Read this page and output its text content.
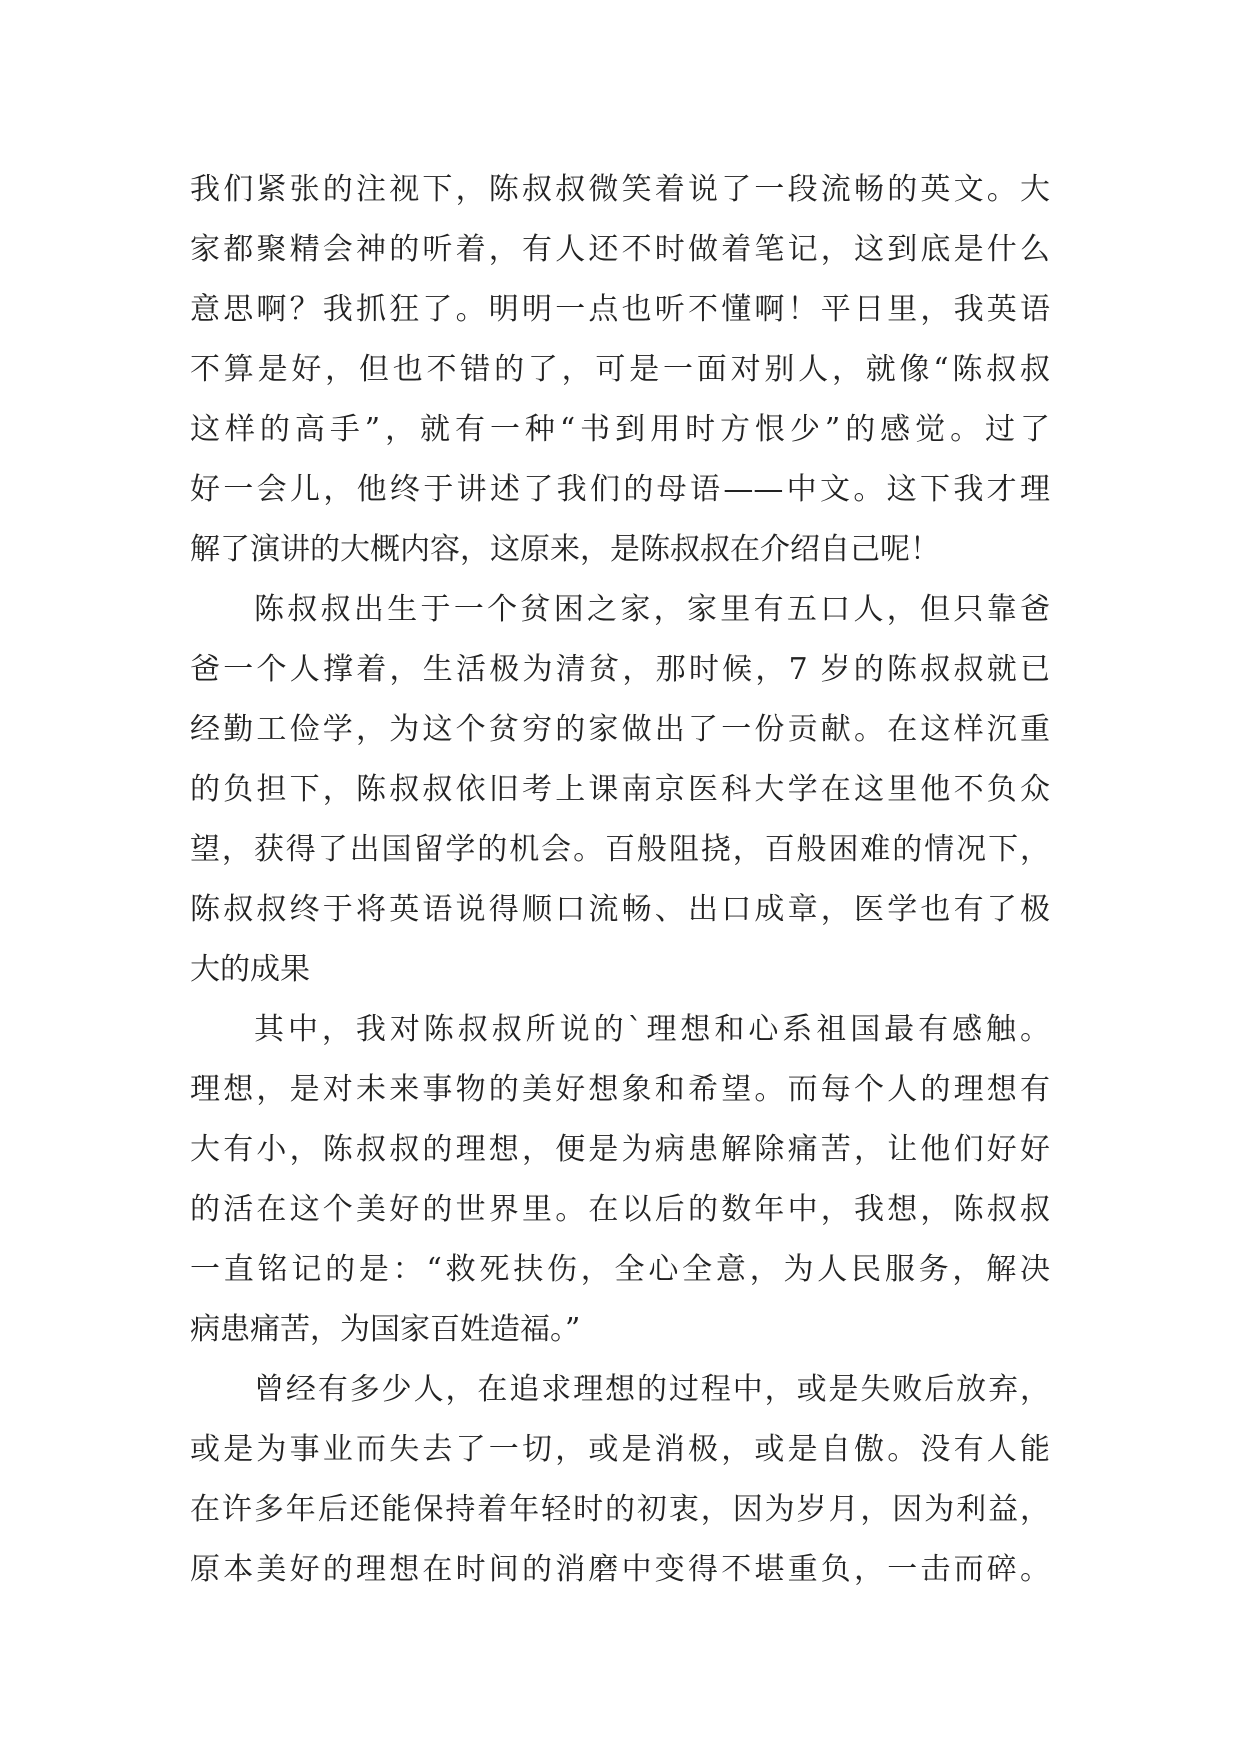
我们紧张的注视下，陈叔叔微笑着说了一段流畅的英文。大
家都聚精会神的听着，有人还不时做着笔记，这到底是什么
意思啊？我抓狂了。明明一点也听不懂啊！平日里，我英语
不算是好，但也不错的了，可是一面对别人，就像“陈叔叔
这样的高手”，就有一种“书到用时方恨少”的感觉。过了
好一会儿，他终于讲述了我们的母语——中文。这下我才理
解了演讲的大概内容，这原来，是陈叔叔在介绍自己呢！
陈叔叔出生于一个贫困之家，家里有五口人，但只靠爸
爸一个人撑着，生活极为清贫，那时候，7 岁的陈叔叔就已
经勤工俭学，为这个贫穷的家做出了一份贡献。在这样沉重
的负担下，陈叔叔依旧考上课南京医科大学在这里他不负众
望，获得了出国留学的机会。百般阻挠，百般困难的情况下，
陈叔叔终于将英语说得顺口流畅、出口成章，医学也有了极
大的成果
其中，我对陈叔叔所说的`理想和心系祖国最有感触。
理想，是对未来事物的美好想象和希望。而每个人的理想有
大有小，陈叔叔的理想，便是为病患解除痛苦，让他们好好
的活在这个美好的世界里。在以后的数年中，我想，陈叔叔
一直铭记的是：“救死扶伤，全心全意，为人民服务，解决
病患痛苦，为国家百姓造福。”
曾经有多少人，在追求理想的过程中，或是失败后放弃，
或是为事业而失去了一切，或是消极，或是自傲。没有人能
在许多年后还能保持着年轻时的初衷，因为岁月，因为利益，
原本美好的理想在时间的消磨中变得不堪重负，一击而碎。
